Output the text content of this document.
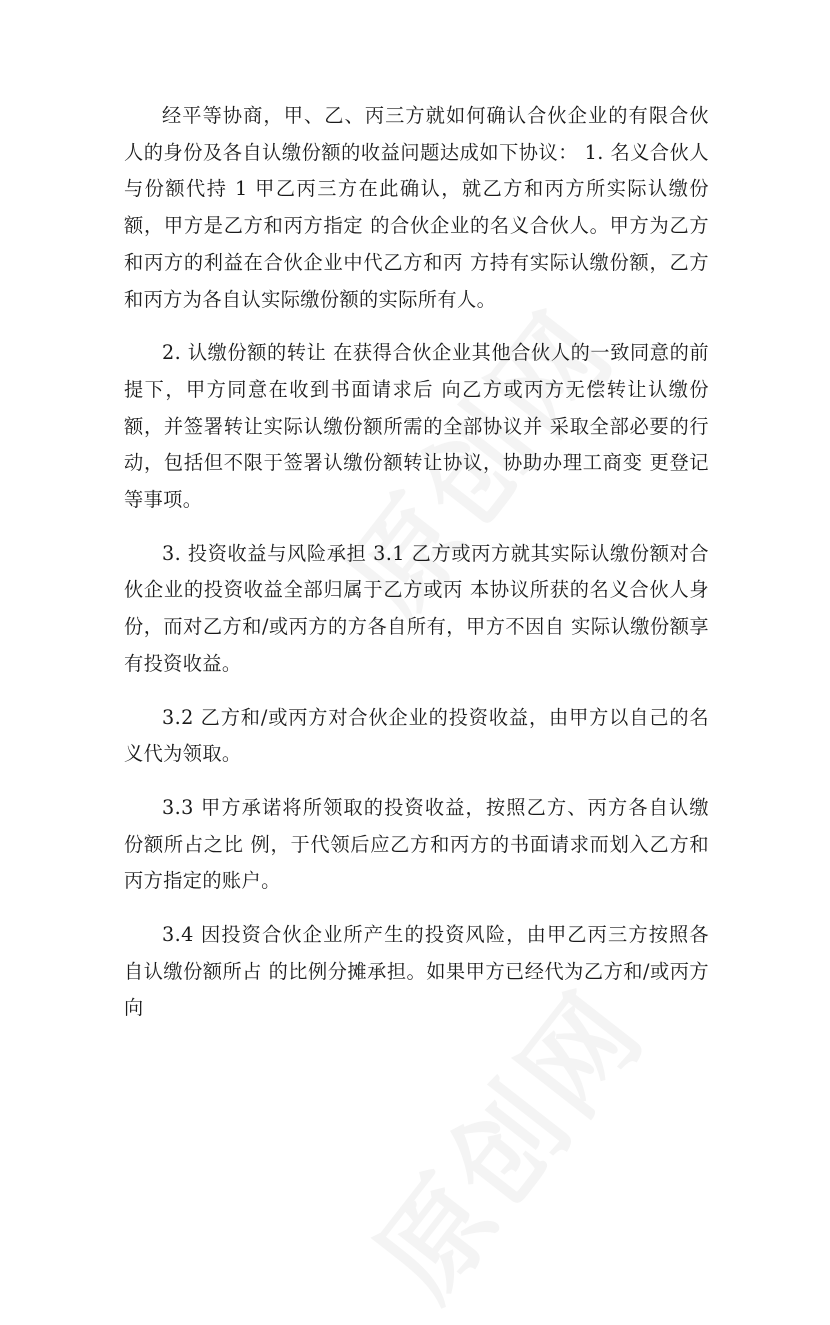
经平等协商，甲、乙、丙三方就如何确认合伙企业的有限合伙人的身份及各自认缴份额的收益问题达成如下协议： 1. 名义合伙人与份额代持 1 甲乙丙三方在此确认，就乙方和丙方所实际认缴份额，甲方是乙方和丙方指定 的合伙企业的名义合伙人。甲方为乙方和丙方的利益在合伙企业中代乙方和丙 方持有实际认缴份额，乙方和丙方为各自认实际缴份额的实际所有人。

2. 认缴份额的转让 在获得合伙企业其他合伙人的一致同意的前提下，甲方同意在收到书面请求后 向乙方或丙方无偿转让认缴份额，并签署转让实际认缴份额所需的全部协议并 采取全部必要的行动，包括但不限于签署认缴份额转让协议，协助办理工商变 更登记等事项。

3. 投资收益与风险承担 3.1 乙方或丙方就其实际认缴份额对合伙企业的投资收益全部归属于乙方或丙 本协议所获的名义合伙人身份，而对乙方和/或丙方的方各自所有，甲方不因自 实际认缴份额享有投资收益。

3.2 乙方和/或丙方对合伙企业的投资收益，由甲方以自己的名义代为领取。

3.3 甲方承诺将所领取的投资收益，按照乙方、丙方各自认缴份额所占之比 例，于代领后应乙方和丙方的书面请求而划入乙方和丙方指定的账户。

3.4 因投资合伙企业所产生的投资风险，由甲乙丙三方按照各自认缴份额所占 的比例分摊承担。如果甲方已经代为乙方和/或丙方向
